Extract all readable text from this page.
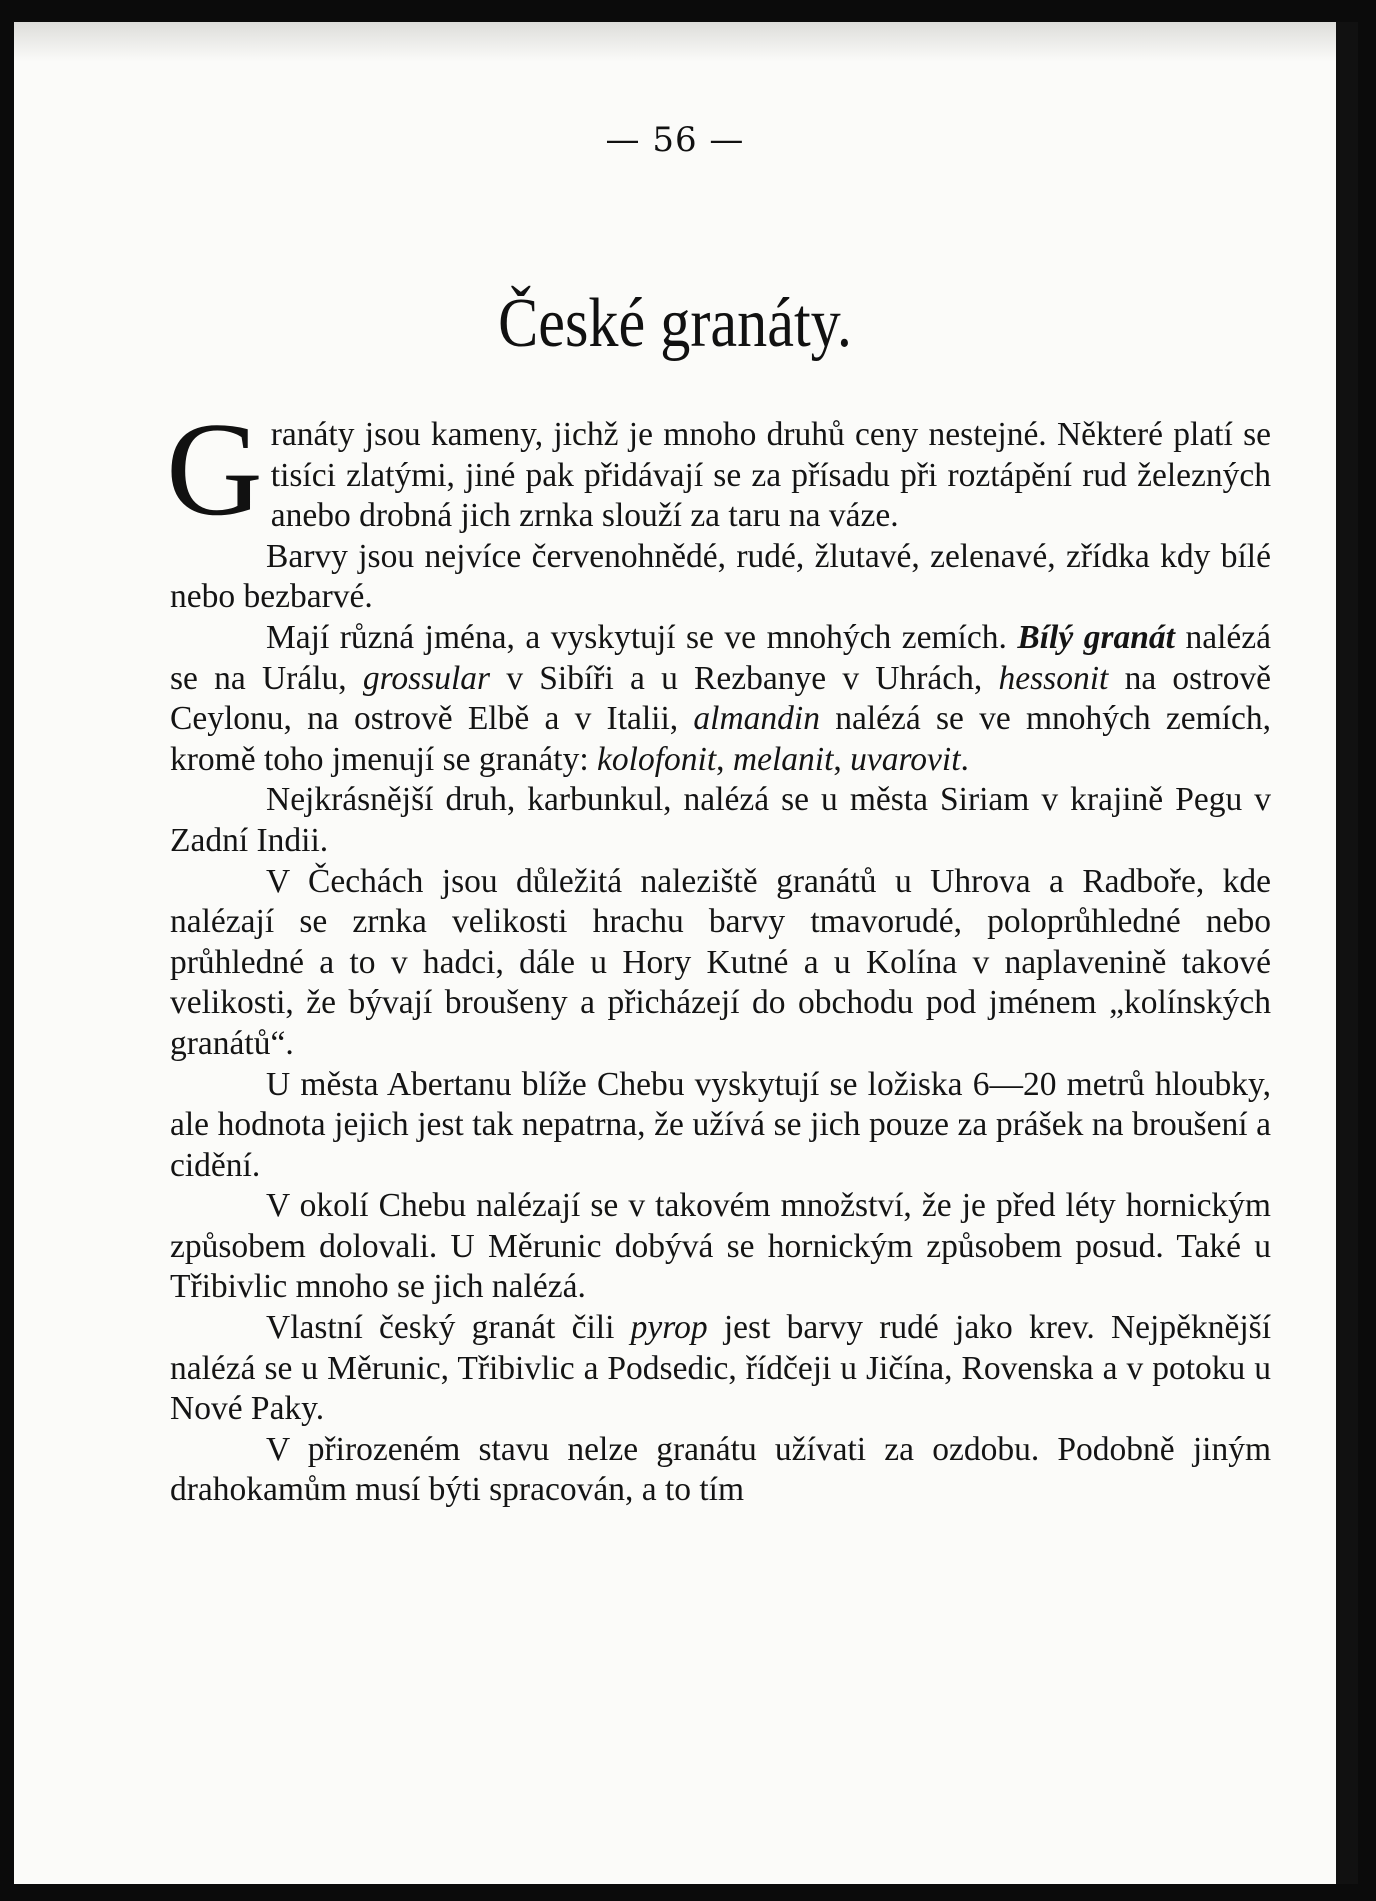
— 56 —
České granáty.

Granáty jsou kameny, jichž je mnoho druhů ceny nestejné. Některé platí se tisíci zlatými, jiné pak přidávají se za přísadu při roztápění rud železných anebo drobná jich zrnka slouží za taru na váze.

Barvy jsou nejvíce červenohnědé, rudé, žlutavé, zelenavé, zřídka kdy bílé nebo bezbarvé.

Mají různá jména, a vyskytují se ve mnohých zemích. Bílý granát nalézá se na Urálu, grossular v Sibíři a u Rezbanye v Uhrách, hessonit na ostrově Ceylonu, na ostrově Elbě a v Italii, almandin nalézá se ve mnohých zemích, kromě toho jmenují se granáty: kolofonit, melanit, uvarovit.

Nejkrásnější druh, karbunkul, nalézá se u města Siriam v krajině Pegu v Zadní Indii.

V Čechách jsou důležitá naleziště granátů u Uhrova a Radboře, kde nalézají se zrnka velikosti hrachu barvy tmavorudé, poloprůhledné nebo průhledné a to v hadci, dále u Hory Kutné a u Kolína v naplavenině takové velikosti, že bývají broušeny a přicházejí do obchodu pod jménem „kolínských granátů“.

U města Abertanu blíže Chebu vyskytují se ložiska 6—20 metrů hloubky, ale hodnota jejich jest tak nepatrna, že užívá se jich pouze za prášek na broušení a cidění.

V okolí Chebu nalézají se v takovém množství, že je před léty hornickým způsobem dolovali. U Měrunic dobývá se hornickým způsobem posud. Také u Třibivlic mnoho se jich nalézá.

Vlastní český granát čili pyrop jest barvy rudé jako krev. Nejpěknější nalézá se u Měrunic, Třibivlic a Podsedic, řídčeji u Jičína, Rovenska a v potoku u Nové Paky.

V přirozeném stavu nelze granátu užívati za ozdobu. Podobně jiným drahokamům musí býti spracován, a to tím
